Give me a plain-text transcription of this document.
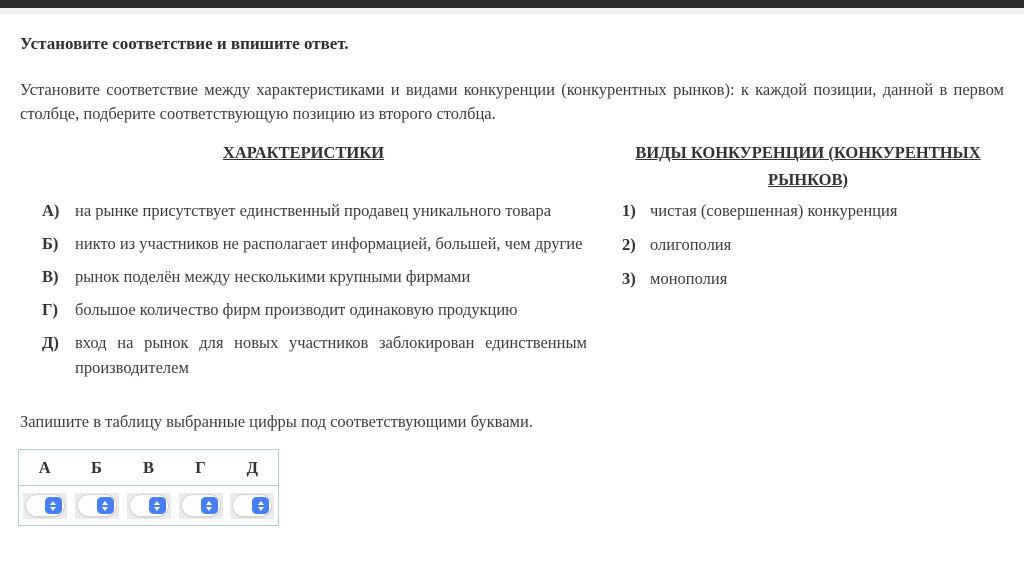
Установите соответствие и впишите ответ.
Установите соответствие между характеристиками и видами конкуренции (конкурентных рынков): к каждой позиции, данной в первом столбце, подберите соответствующую позицию из второго столбца.
ХАРАКТЕРИСТИКИ
А) на рынке присутствует единственный продавец уникального товара
Б)	никто из участников не располагает информацией, большей, чем другие
В)	рынок поделён между несколькими крупными фирмами
Г)	большое количество фирм производит одинаковую продукцию
Д) вход на рынок для новых участников заблокирован единственным производителем
ВИДЫ КОНКУРЕНЦИИ (КОНКУРЕНТНЫХ РЫНКОВ)
1) чистая (совершенная) конкуренция
2) олигополия
3) монополия
Запишите в таблицу выбранные цифры под соответствующими буквами.
А	Б	В	Г	Д
